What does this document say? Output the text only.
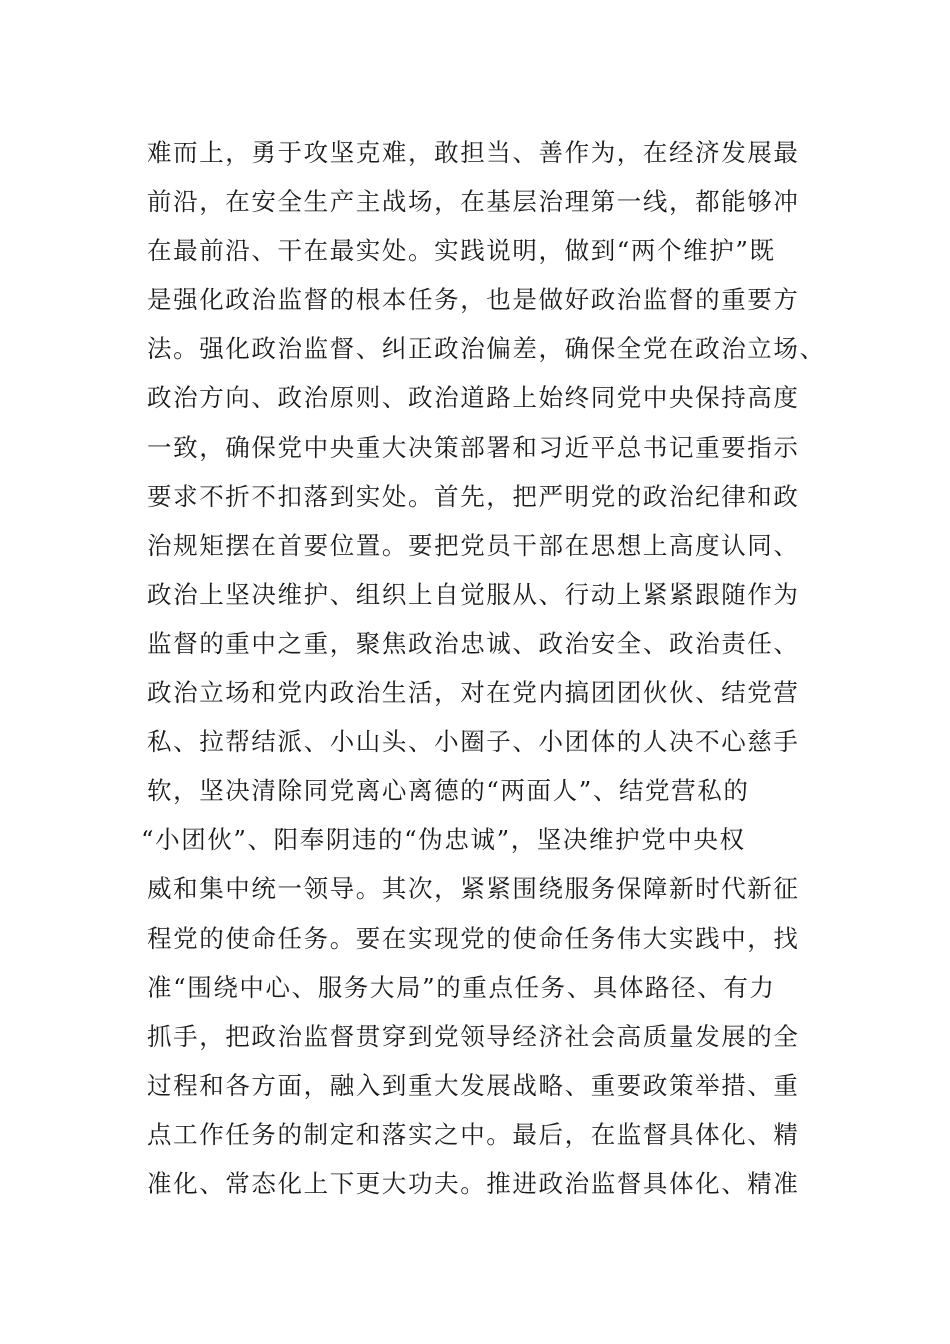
难而上，勇于攻坚克难，敢担当、善作为，在经济发展最
前沿，在安全生产主战场，在基层治理第一线，都能够冲
在最前沿、干在最实处。实践说明，做到“两个维护”既
是强化政治监督的根本任务，也是做好政治监督的重要方
法。强化政治监督、纠正政治偏差，确保全党在政治立场、
政治方向、政治原则、政治道路上始终同党中央保持高度
一致，确保党中央重大决策部署和习近平总书记重要指示
要求不折不扣落到实处。首先，把严明党的政治纪律和政
治规矩摆在首要位置。要把党员干部在思想上高度认同、
政治上坚决维护、组织上自觉服从、行动上紧紧跟随作为
监督的重中之重，聚焦政治忠诚、政治安全、政治责任、
政治立场和党内政治生活，对在党内搞团团伙伙、结党营
私、拉帮结派、小山头、小圈子、小团体的人决不心慈手
软，坚决清除同党离心离德的“两面人”、结党营私的
“小团伙”、阳奉阴违的“伪忠诚”，坚决维护党中央权
威和集中统一领导。其次，紧紧围绕服务保障新时代新征
程党的使命任务。要在实现党的使命任务伟大实践中，找
准“围绕中心、服务大局”的重点任务、具体路径、有力
抓手，把政治监督贯穿到党领导经济社会高质量发展的全
过程和各方面，融入到重大发展战略、重要政策举措、重
点工作任务的制定和落实之中。最后，在监督具体化、精
准化、常态化上下更大功夫。推进政治监督具体化、精准
